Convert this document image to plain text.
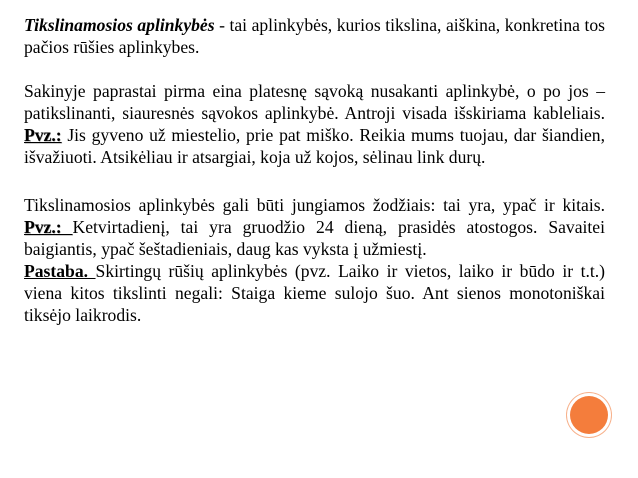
Tikslinamosios aplinkybės - tai aplinkybės, kurios tikslina, aiškina, konkretina tos pačios rūšies aplinkybes.

Sakinyje paprastai pirma eina platesnę sąvoką nusakanti aplinkybė, o po jos – patikslinanti, siauresnės sąvokos aplinkybė. Antroji visada išskiriama kableliais. Pvz.: Jis gyveno už miestelio, prie pat miško. Reikia mums tuojau, dar šiandien, išvažiuoti. Atsikėliau ir atsargiai, koja už kojos, sėlinau link durų.

Tikslinamosios aplinkybės gali būti jungiamos žodžiais: tai yra, ypač ir kitais. Pvz.: Ketvirtadienį, tai yra gruodžio 24 dieną, prasidės atostogos. Savaitei baigiantis, ypač šeštadieniais, daug kas vyksta į užmiestį.

Pastaba. Skirtingų rūšių aplinkybės (pvz. Laiko ir vietos, laiko ir būdo ir t.t.) viena kitos tikslinti negali: Staiga kieme sulojo šuo. Ant sienos monotoniškai tiksėjo laikrodis.
